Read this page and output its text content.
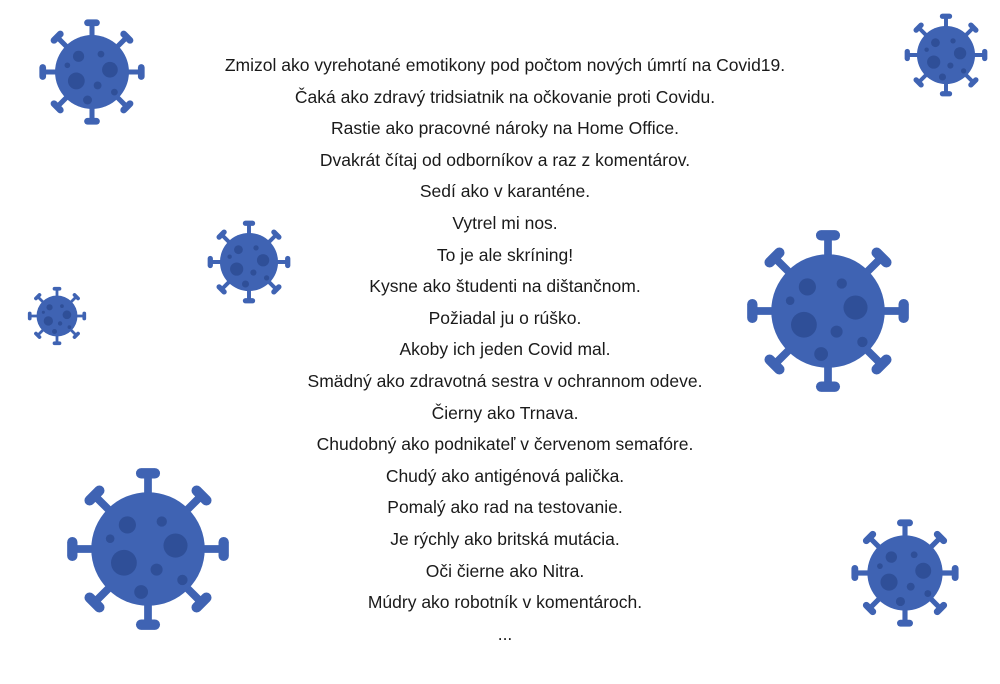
Zmizol ako vyrehotané emotikony pod počtom nových úmrtí na Covid19.
Čaká ako zdravý tridsiatnik na očkovanie proti Covidu.
Rastie ako pracovné nároky na Home Office.
Dvakrát čítaj od odborníkov a raz z komentárov.
Sedí ako v karanténe.
Vytrel mi nos.
To je ale skríning!
Kysne ako študenti na dištančnom.
Požiadal ju o rúško.
Akoby ich jeden Covid mal.
Smädný ako zdravotná sestra v ochrannom odeve.
Čierny ako Trnava.
Chudobný ako podnikateľ v červenom semafóre.
Chudý ako antigénová palička.
Pomalý ako rad na testovanie.
Je rýchly ako britská mutácia.
Oči čierne ako Nitra.
Múdry ako robotník v komentároch.
...
